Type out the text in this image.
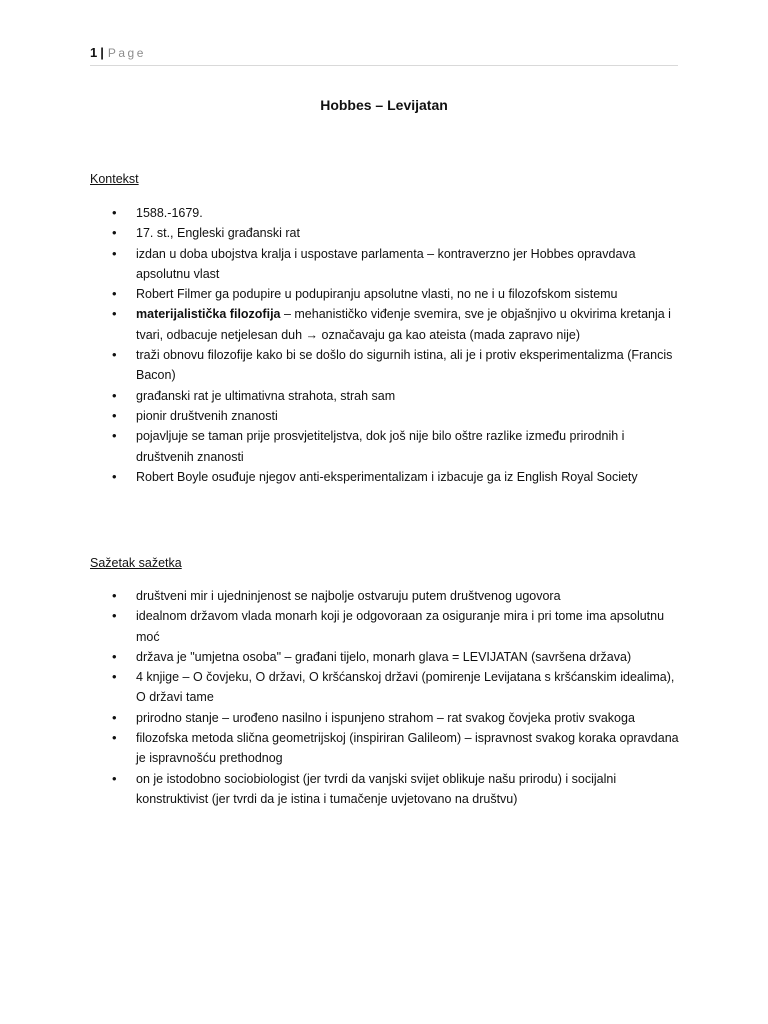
1 | Page
Hobbes – Levijatan
Kontekst
• 1588.-1679.
• 17. st., Engleski građanski rat
• izdan u doba ubojstva kralja i uspostave parlamenta – kontraverzno jer Hobbes opravdava apsolutnu vlast
• Robert Filmer ga podupire u podupiranju apsolutne vlasti, no ne i u filozofskom sistemu
• materijalistička filozofija – mehanističko viđenje svemira, sve je objašnjivo u okvirima kretanja i tvari, odbacuje netjelesan duh → označavaju ga kao ateista (mada zapravo nije)
• traži obnovu filozofije kako bi se došlo do sigurnih istina, ali je i protiv eksperimentalizma (Francis Bacon)
• građanski rat je ultimativna strahota, strah sam
• pionir društvenih znanosti
• pojavljuje se taman prije prosvjetiteljstva, dok još nije bilo oštre razlike između prirodnih i društvenih znanosti
• Robert Boyle osuđuje njegov anti-eksperimentalizam i izbacuje ga iz English Royal Society
Sažetak sažetka
• društveni mir i ujedninjenost se najbolje ostvaruju putem društvenog ugovora
• idealnom državom vlada monarh koji je odgovoraan za osiguranje mira i pri tome ima apsolutnu moć
• država je "umjetna osoba" – građani tijelo, monarh glava = LEVIJATAN (savršena država)
• 4 knjige – O čovjeku, O državi, O kršćanskoj državi (pomirenje Levijatana s kršćanskim idealima), O državi tame
• prirodno stanje – urođeno nasilno i ispunjeno strahom – rat svakog čovjeka protiv svakoga
• filozofska metoda slična geometrijskoj (inspiriran Galileom) – ispravnost svakog koraka opravdana je ispravnošću prethodnog
• on je istodobno sociobiologist (jer tvrdi da vanjski svijet oblikuje našu prirodu) i socijalni konstruktivist (jer tvrdi da je istina i tumačenje uvjetovano na društvu)
